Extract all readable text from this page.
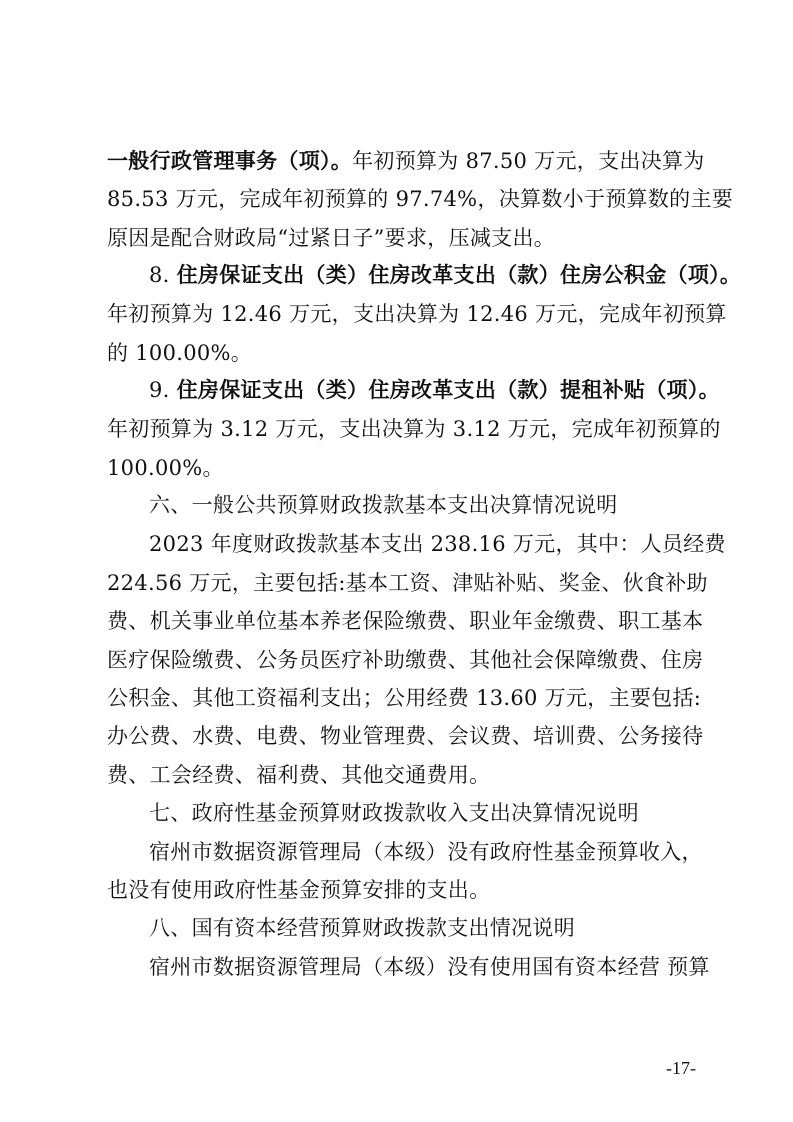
一般行政管理事务（项）。年初预算为 87.50 万元，支出决算为
85.53 万元，完成年初预算的 97.74%，决算数小于预算数的主要
原因是配合财政局“过紧日子”要求，压减支出。
8. 住房保证支出（类）住房改革支出（款）住房公积金（项）。
年初预算为 12.46 万元，支出决算为 12.46 万元，完成年初预算
的 100.00%。
9. 住房保证支出（类）住房改革支出（款）提租补贴（项）。
年初预算为 3.12 万元，支出决算为 3.12 万元，完成年初预算的
100.00%。
六、一般公共预算财政拨款基本支出决算情况说明
2023 年度财政拨款基本支出 238.16 万元，其中：人员经费
224.56 万元，主要包括:基本工资、津贴补贴、奖金、伙食补助
费、机关事业单位基本养老保险缴费、职业年金缴费、职工基本
医疗保险缴费、公务员医疗补助缴费、其他社会保障缴费、住房
公积金、其他工资福利支出；公用经费 13.60 万元，主要包括:
办公费、水费、电费、物业管理费、会议费、培训费、公务接待
费、工会经费、福利费、其他交通费用。
七、政府性基金预算财政拨款收入支出决算情况说明
宿州市数据资源管理局（本级）没有政府性基金预算收入，
也没有使用政府性基金预算安排的支出。
八、国有资本经营预算财政拨款支出情况说明
宿州市数据资源管理局（本级）没有使用国有资本经营 预算
-17-
